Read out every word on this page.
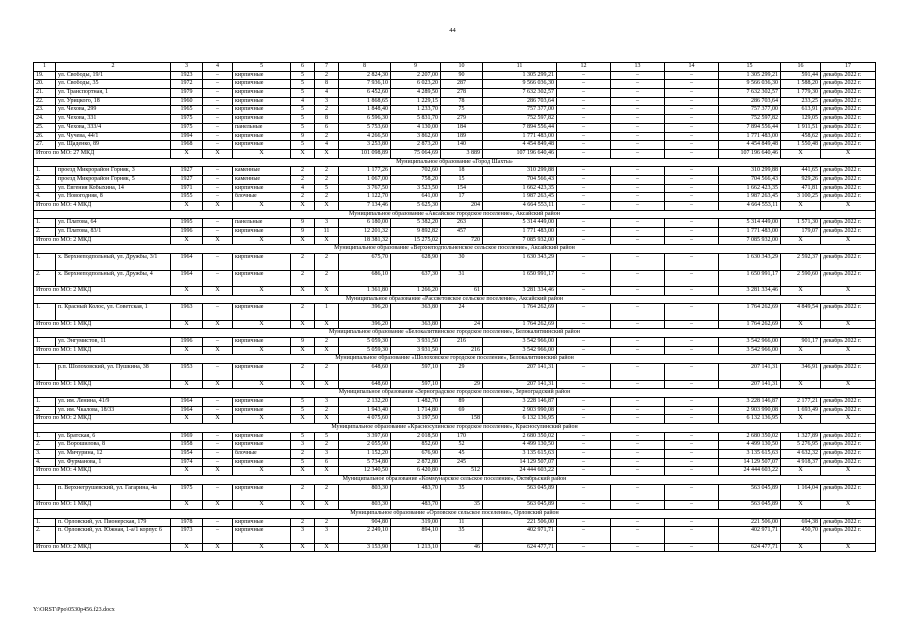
44
1	2	3	4	5	6	7	8	9	10	11	12	13	14	15	16	17
19.	ул. Свободы, 19/1	1923	–	кирпичные	5	2	2 824,30	2 207,00	90	1 305 299,21	–	–	–	1 305 299,21	591,44	декабрь 2022 г.
20.	ул. Свободы, 35	1972	–	кирпичные	5	8	7 936,10	6 023,20	287	9 566 036,30	–	–	–	9 566 036,30	1 588,20	декабрь 2022 г.
21.	ул. Транспортная, 1	1979	–	кирпичные	5	4	6 452,60	4 289,50	278	7 632 302,57	–	–	–	7 632 302,57	1 779,30	декабрь 2022 г.
22.	ул. Урицкого, 18	1960	–	кирпичные	4	3	1 868,65	1 229,15	78	286 703,64	–	–	–	286 703,64	233,25	декабрь 2022 г.
23.	ул. Чехова, 299	1965	–	кирпичные	5	2	1 848,40	1 233,70	75	757 377,00	–	–	–	757 377,00	613,91	декабрь 2022 г.
24.	ул. Чехова, 331	1975	–	кирпичные	5	8	6 596,30	5 831,70	279	752 597,82	–	–	–	752 597,82	129,05	декабрь 2022 г.
25.	ул. Чехова, 333/4	1975	–	панельные	5	6	5 753,60	4 130,00	184	7 894 556,44	–	–	–	7 894 556,44	1 911,51	декабрь 2022 г.
26.	ул. Чучева, 44/1	1994	–	кирпичные	9	2	4 266,50	3 862,60	189	1 771 483,00	–	–	–	1 771 483,00	458,62	декабрь 2022 г.
27.	ул. Щаденко, 89	1968	–	кирпичные	5	4	3 253,80	2 873,20	140	4 454 849,48	–	–	–	4 454 849,48	1 550,48	декабрь 2022 г.
Итого по МО: 27 МКД		X	X	X	X	X	101 098,89	75 064,69	3 889	107 196 640,46	–	–	–	107 196 640,46	X	X
Муниципальное образование «Город Шахты»																
1.	проезд Микрорайон Горняк, 3	1927	–	каменные	2	2	1 177,26	702,60	18	310 299,88	–	–	–	310 299,88	441,65	декабрь 2022 г.
2.	проезд Микрорайон Горняк, 5	1927	–	каменные	2	2	1 067,00	758,20	15	704 566,43	–	–	–	704 566,43	929,26	декабрь 2022 г.
3.	ул. Евгения Кобыхина, 14	1971	–	кирпичные	4	5	3 767,50	3 523,50	154	1 662 423,35	–	–	–	1 662 423,35	471,81	декабрь 2022 г.
4.	ул. Новогодняя, 8	1955	–	блочные	2	2	1 122,70	641,00	17	1 987 263,45	–	–	–	1 987 263,45	3 100,25	декабрь 2022 г.
Итого по МО: 4 МКД		X	X	X	X	X	7 134,46	5 625,30	204	4 664 553,11	–	–	–	4 664 553,11	X	X
Муниципальное образование «Аксайское городское поселение», Аксайский район																
1.	ул. Платова, 64	1995	–	панельные	9	3	6 180,00	5 382,20	263	5 314 449,00	–	–	–	5 314 449,00	1 571,30	декабрь 2022 г.
2.	ул. Платова, 83/1	1996	–	кирпичные	9	11	12 201,32	9 892,82	457	1 771 483,00	–	–	–	1 771 483,00	179,07	декабрь 2022 г.
Итого по МО: 2 МКД		X	X	X	X	X	18 381,32	15 275,02	720	7 085 932,00	–	–	–	7 085 932,00	X	X
Муниципальное образование «Верхнеподпольненское сельское поселение», Аксайский район																
1.	х. Верхнеподпольный, ул. Дружбы, 3/1	1964	–	кирпичные	2	2	675,70	628,90	30	1 630 343,29	–	–	–	1 630 343,29	2 592,37	декабрь 2022 г.
2.	х. Верхнеподпольный, ул. Дружбы, 4	1964	–	кирпичные	2	2	686,10	637,30	31	1 650 991,17	–	–	–	1 650 991,17	2 590,60	декабрь 2022 г.
Итого по МО: 2 МКД		X	X	X	X	X	1 361,80	1 266,20	61	3 281 334,46	–	–	–	3 281 334,46	X	X
Муниципальное образование «Рассветовское сельское поселение», Аксайский район																
1.	п. Красный Колос, ул. Советская, 1	1963	–	кирпичные	2	1	396,20	363,80	24	1 764 262,69	–	–	–	1 764 262,69	4 849,54	декабрь 2022 г.
Итого по МО: 1 МКД		X	X	X	X	X	396,20	363,80	24	1 764 262,69	–	–	–	1 764 262,69	X	X
Муниципальное образование «Белокалитвинское городское поселение», Белокалитвинский район																
1.	ул. Энгумистов, 11	1996	–	кирпичные	9	2	5 059,30	3 931,50	216	3 542 966,00	–	–	–	3 542 966,00	901,17	декабрь 2022 г.
Итого по МО: 1 МКД		X	X	X	X	X	5 059,30	3 931,50	216	3 542 966,00	–	–	–	3 542 966,00	X	X
Муниципальное образование «Шолоховское городское поселение», Белокалитвинский район																
1.	р.п. Шолоховский, ул. Пушкина, 38	1953	–	кирпичные	2	2	648,60	597,10	29	207 141,31	–	–	–	207 141,31	346,91	декабрь 2022 г.
Итого по МО: 1 МКД		X	X	X	X	X	648,60	597,10	29	207 141,31	–	–	–	207 141,31	X	X
Муниципальное образование «Зерноградское городское поселение», Зерноградский район																
1.	ул. им. Ленина, 41/9	1964	–	кирпичные	5	3	2 132,20	1 482,70	89	3 228 146,87	–	–	–	3 228 146,87	2 177,21	декабрь 2022 г.
2.	ул. им. Чкалова, 18/33	1964	–	кирпичные	5	2	1 943,40	1 714,80	69	2 903 990,08	–	–	–	2 903 990,08	1 693,49	декабрь 2022 г.
Итого по МО: 2 МКД		X	X	X	X	X	4 075,60	3 197,50	158	6 132 136,95	–	–	–	6 132 136,95	X	X
Муниципальное образование «Красносулинское городское поселение», Красносулинский район																
1.	ул. Братская, 6	1969	–	кирпичные	5	5	3 397,60	2 018,50	170	2 680 350,02	–	–	–	2 680 350,02	1 327,89	декабрь 2022 г.
2.	ул. Ворошилова, 8	1958	–	кирпичные	3	2	2 055,90	852,60	52	4 499 130,50	–	–	–	4 499 130,50	5 276,95	декабрь 2022 г.
3.	ул. Мичурина, 12	1954	–	блочные	2	3	1 152,20	676,90	45	3 135 615,63	–	–	–	3 135 615,63	4 632,32	декабрь 2022 г.
4.	ул. Фурманова, 1	1974	–	кирпичные	5	6	5 734,80	2 872,80	245	14 129 507,07	–	–	–	14 129 507,07	4 918,37	декабрь 2022 г.
Итого по МО: 4 МКД		X	X	X	X	X	12 340,50	6 420,80	512	24 444 603,22	–	–	–	24 444 603,22	X	X
Муниципальное образование «Коммунарское сельское поселение», Октябрьский район																
1.	п. Верхнегрушевский, ул. Гагарина, 4а	1975	–	кирпичные	2	2	803,30	483,70	35	563 045,89	–	–	–	563 045,89	1 164,04	декабрь 2022 г.
Итого по МО: 1 МКД		X	X	X	X	X	803,30	483,70	35	563 045,89	–	–	–	563 045,89	X	X
Муниципальное образование «Орловское сельское поселение», Орловский район																
1.	п. Орловский, ул. Пионерская, 179	1978	–	кирпичные	2	2	904,80	319,00	11	221 506,00	–	–	–	221 506,00	694,38	декабрь 2022 г.
2.	п. Орловский, ул. Южная, 1-а/1 корпус 6	1973	–	кирпичные	3	3	2 249,10	894,10	35	402 971,71	–	–	–	402 971,71	450,70	декабрь 2022 г.
Итого по МО: 2 МКД		X	X	X	X	X	3 153,90	1 213,10	46	624 477,71	–	–	–	624 477,71	X	X
Y:\ORST\Ppo\0530p456.f23.docx
